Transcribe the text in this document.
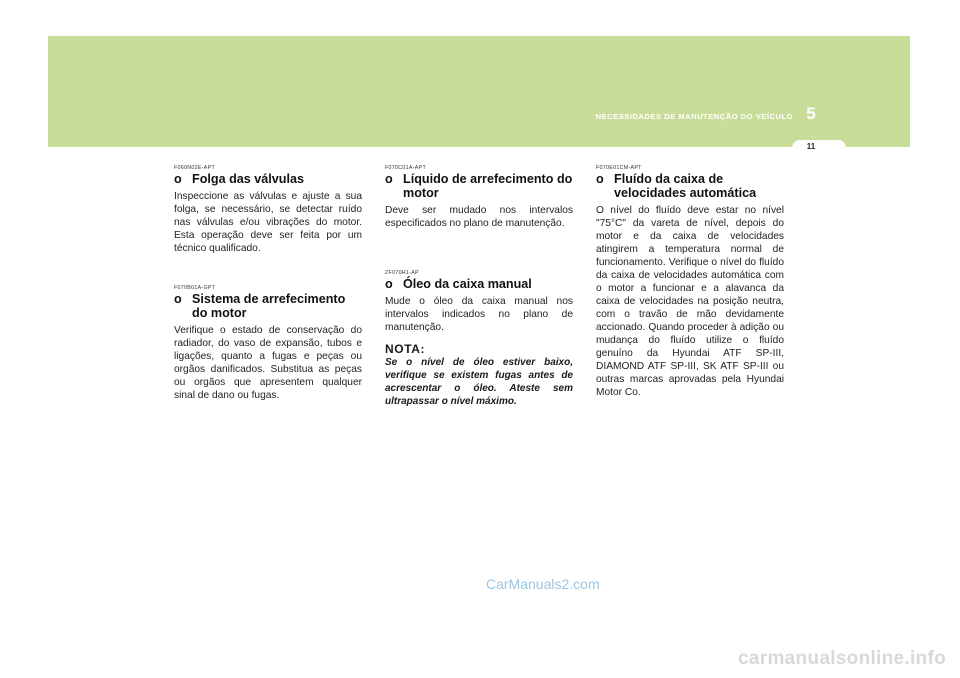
5
NECESSIDADES DE MANUTENÇÃO DO VEÍCULO
11
F060N02E-APT
o Folga das válvulas
Inspeccione as válvulas e ajuste a sua folga, se necessário, se detectar ruído nas válvulas e/ou vibrações do motor. Esta operação deve ser feita por um técnico qualificado.
F070B01A-GPT
o Sistema de arrefecimento do motor
Verifique o estado de conservação do radiador, do vaso de expansão, tubos e ligações, quanto a fugas e peças ou orgãos danificados. Substitua as peças ou orgãos que apresentem qualquer sinal de dano ou fugas.
F070C01A-APT
o Líquido de arrefecimento do motor
Deve ser mudado nos intervalos especificados no plano de manutenção.
ZF070H1-AP
o Óleo da caixa manual
Mude o óleo da caixa manual nos intervalos indicados no plano de manutenção.
NOTA:
Se o nível de óleo estiver baixo, verifique se existem fugas antes de acrescentar o óleo. Ateste sem ultrapassar o nível máximo.
F070E01CM-APT
o Fluído da caixa de velocidades automática
O nível do fluído deve estar no nível "75°C" da vareta de nível, depois do motor e da caixa de velocidades atingirem a temperatura normal de funcionamento. Verifique o nível do fluído da caixa de velocidades automática com o motor a funcionar e a alavanca da caixa de velocidades na posição neutra, com o travão de mão devidamente accionado. Quando proceder à adição ou mudança do fluído utilize o fluído genuíno da Hyundai ATF SP-III, DIAMOND ATF SP-III, SK ATF SP-III ou outras marcas aprovadas pela Hyundai Motor Co.
CarManuals2.com
carmanualsonline.info
